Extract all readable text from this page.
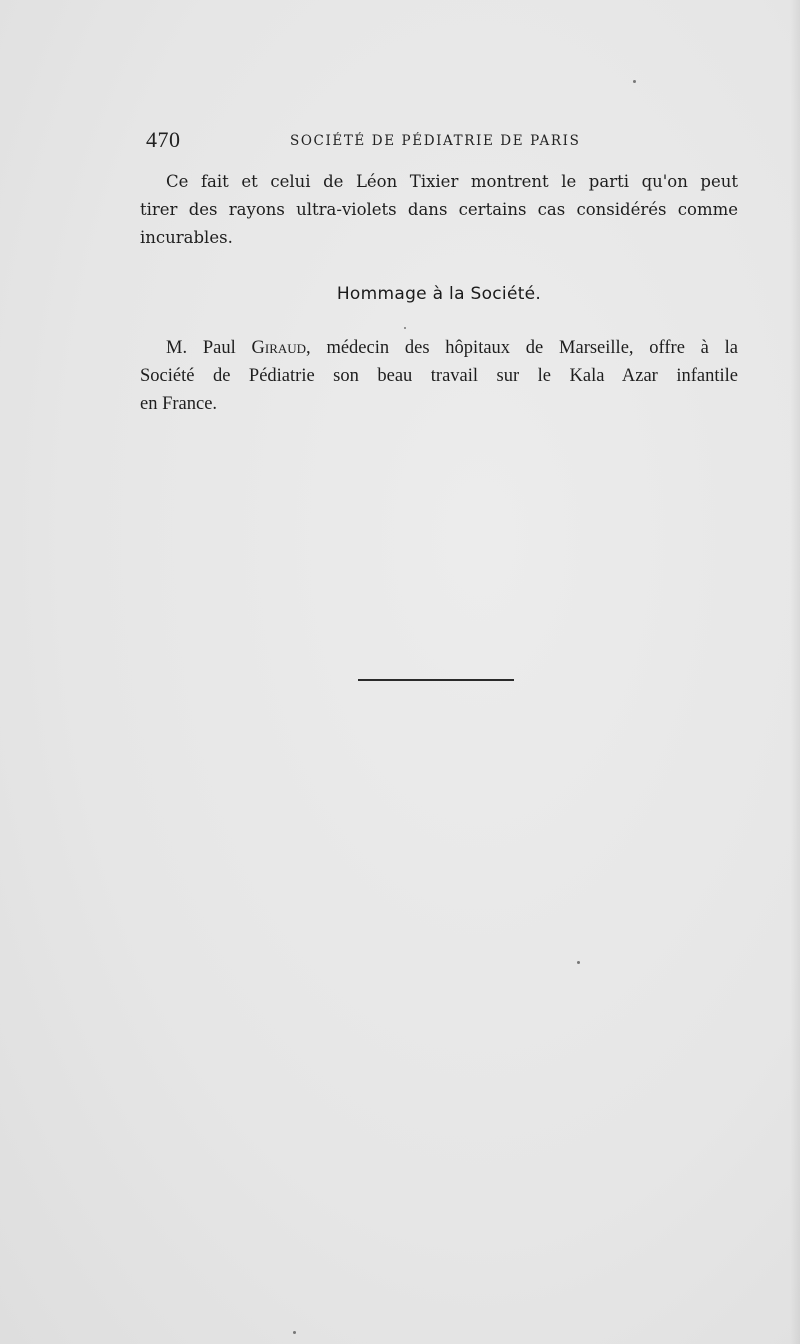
470	SOCIÉTÉ DE PÉDIATRIE DE PARIS
Ce fait et celui de Léon Tixier montrent le parti qu'on peut
tirer des rayons ultra-violets dans certains cas considérés comme
incurables.
Hommage à la Société.
M. Paul Giraud, médecin des hôpitaux de Marseille, offre à la
Société de Pédiatrie son beau travail sur le Kala Azar infantile
en France.
